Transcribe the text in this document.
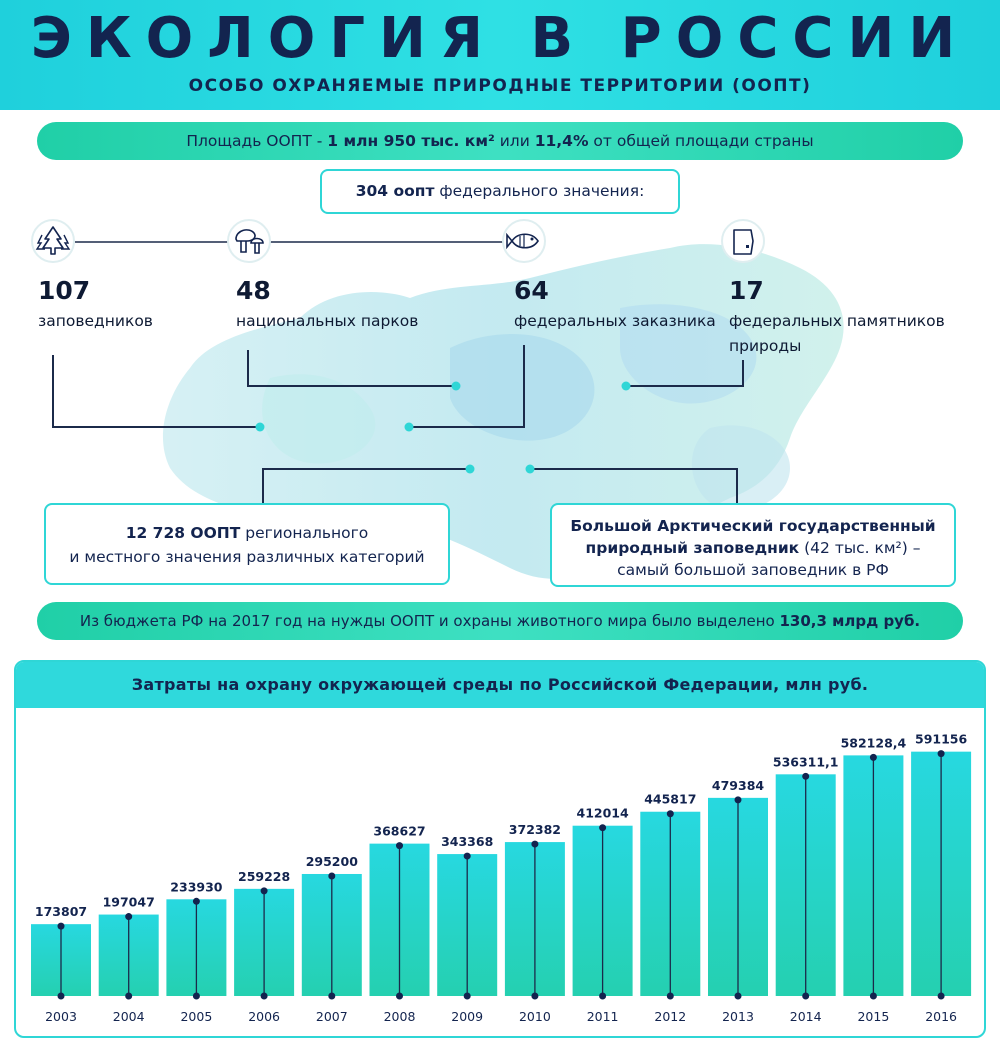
ЭКОЛОГИЯ В РОССИИ
ОСОБО ОХРАНЯЕМЫЕ ПРИРОДНЫЕ ТЕРРИТОРИИ (ООПТ)
Площадь ООПТ - 1 млн 950 тыс. км² или 11,4% от общей площади страны
304 оопт федерального значения:
107
заповедников
48
национальных парков
64
федеральных заказника
17
федеральных памятников
природы
12 728 ООПТ регионального
и местного значения различных категорий
Большой Арктический государственный
природный заповедник (42 тыс. км²) –
самый большой заповедник в РФ
Из бюджета РФ на 2017 год на нужды ООПТ и охраны животного мира было выделено 130,3 млрд руб.
Затраты на охрану окружающей среды по Российской Федерации, млн руб.
173807
2003
197047
2004
233930
2005
259228
2006
295200
2007
368627
2008
343368
2009
372382
2010
412014
2011
445817
2012
479384
2013
536311,1
2014
582128,4
2015
591156
2016
